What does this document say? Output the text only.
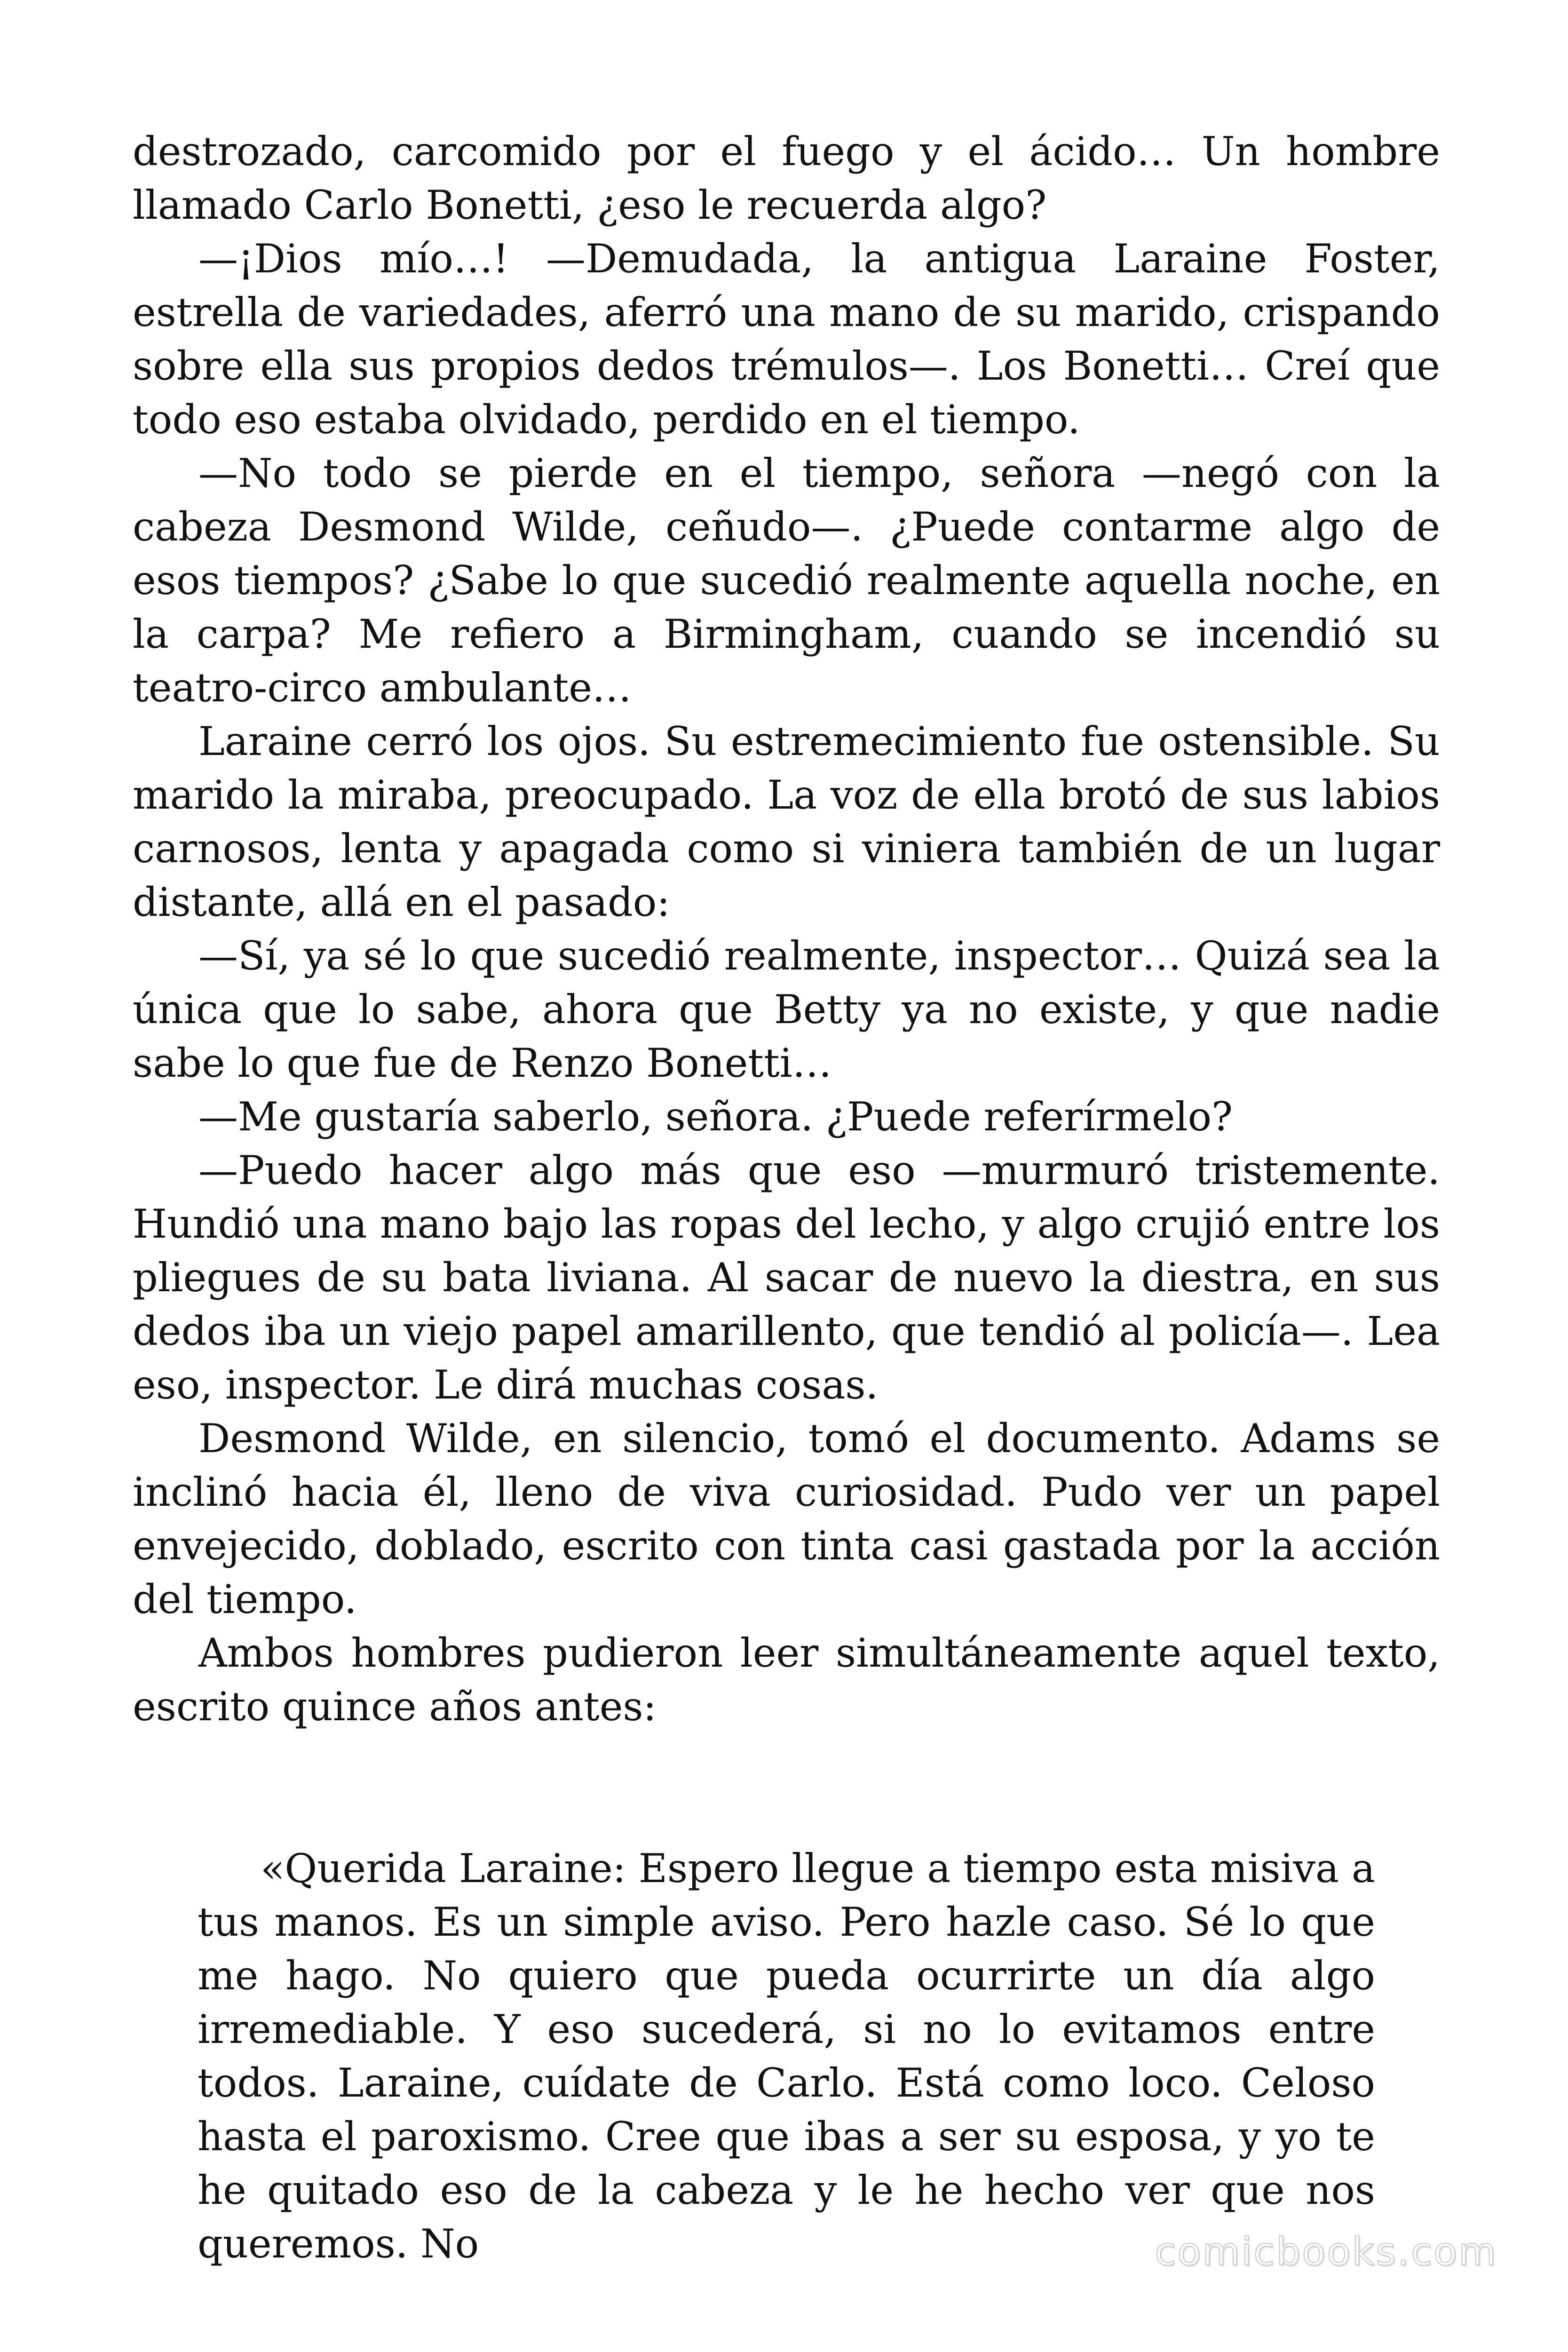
destrozado, carcomido por el fuego y el ácido… Un hombre llamado Carlo Bonetti, ¿eso le recuerda algo?

—¡Dios mío…! —Demudada, la antigua Laraine Foster, estrella de variedades, aferró una mano de su marido, crispando sobre ella sus propios dedos trémulos—. Los Bonetti… Creí que todo eso estaba olvidado, perdido en el tiempo.

—No todo se pierde en el tiempo, señora —negó con la cabeza Desmond Wilde, ceñudo—. ¿Puede contarme algo de esos tiempos? ¿Sabe lo que sucedió realmente aquella noche, en la carpa? Me refiero a Birmingham, cuando se incendió su teatro-circo ambulante…

Laraine cerró los ojos. Su estremecimiento fue ostensible. Su marido la miraba, preocupado. La voz de ella brotó de sus labios carnosos, lenta y apagada como si viniera también de un lugar distante, allá en el pasado:

—Sí, ya sé lo que sucedió realmente, inspector… Quizá sea la única que lo sabe, ahora que Betty ya no existe, y que nadie sabe lo que fue de Renzo Bonetti…

—Me gustaría saberlo, señora. ¿Puede referírmelo?

—Puedo hacer algo más que eso —murmuró tristemente. Hundió una mano bajo las ropas del lecho, y algo crujió entre los pliegues de su bata liviana. Al sacar de nuevo la diestra, en sus dedos iba un viejo papel amarillento, que tendió al policía—. Lea eso, inspector. Le dirá muchas cosas.

Desmond Wilde, en silencio, tomó el documento. Adams se inclinó hacia él, lleno de viva curiosidad. Pudo ver un papel envejecido, doblado, escrito con tinta casi gastada por la acción del tiempo.

Ambos hombres pudieron leer simultáneamente aquel texto, escrito quince años antes:

«Querida Laraine: Espero llegue a tiempo esta misiva a tus manos. Es un simple aviso. Pero hazle caso. Sé lo que me hago. No quiero que pueda ocurrirte un día algo irremediable. Y eso sucederá, si no lo evitamos entre todos. Laraine, cuídate de Carlo. Está como loco. Celoso hasta el paroxismo. Cree que ibas a ser su esposa, y yo te he quitado eso de la cabeza y le he hecho ver que nos queremos. No	comicbooks.com
